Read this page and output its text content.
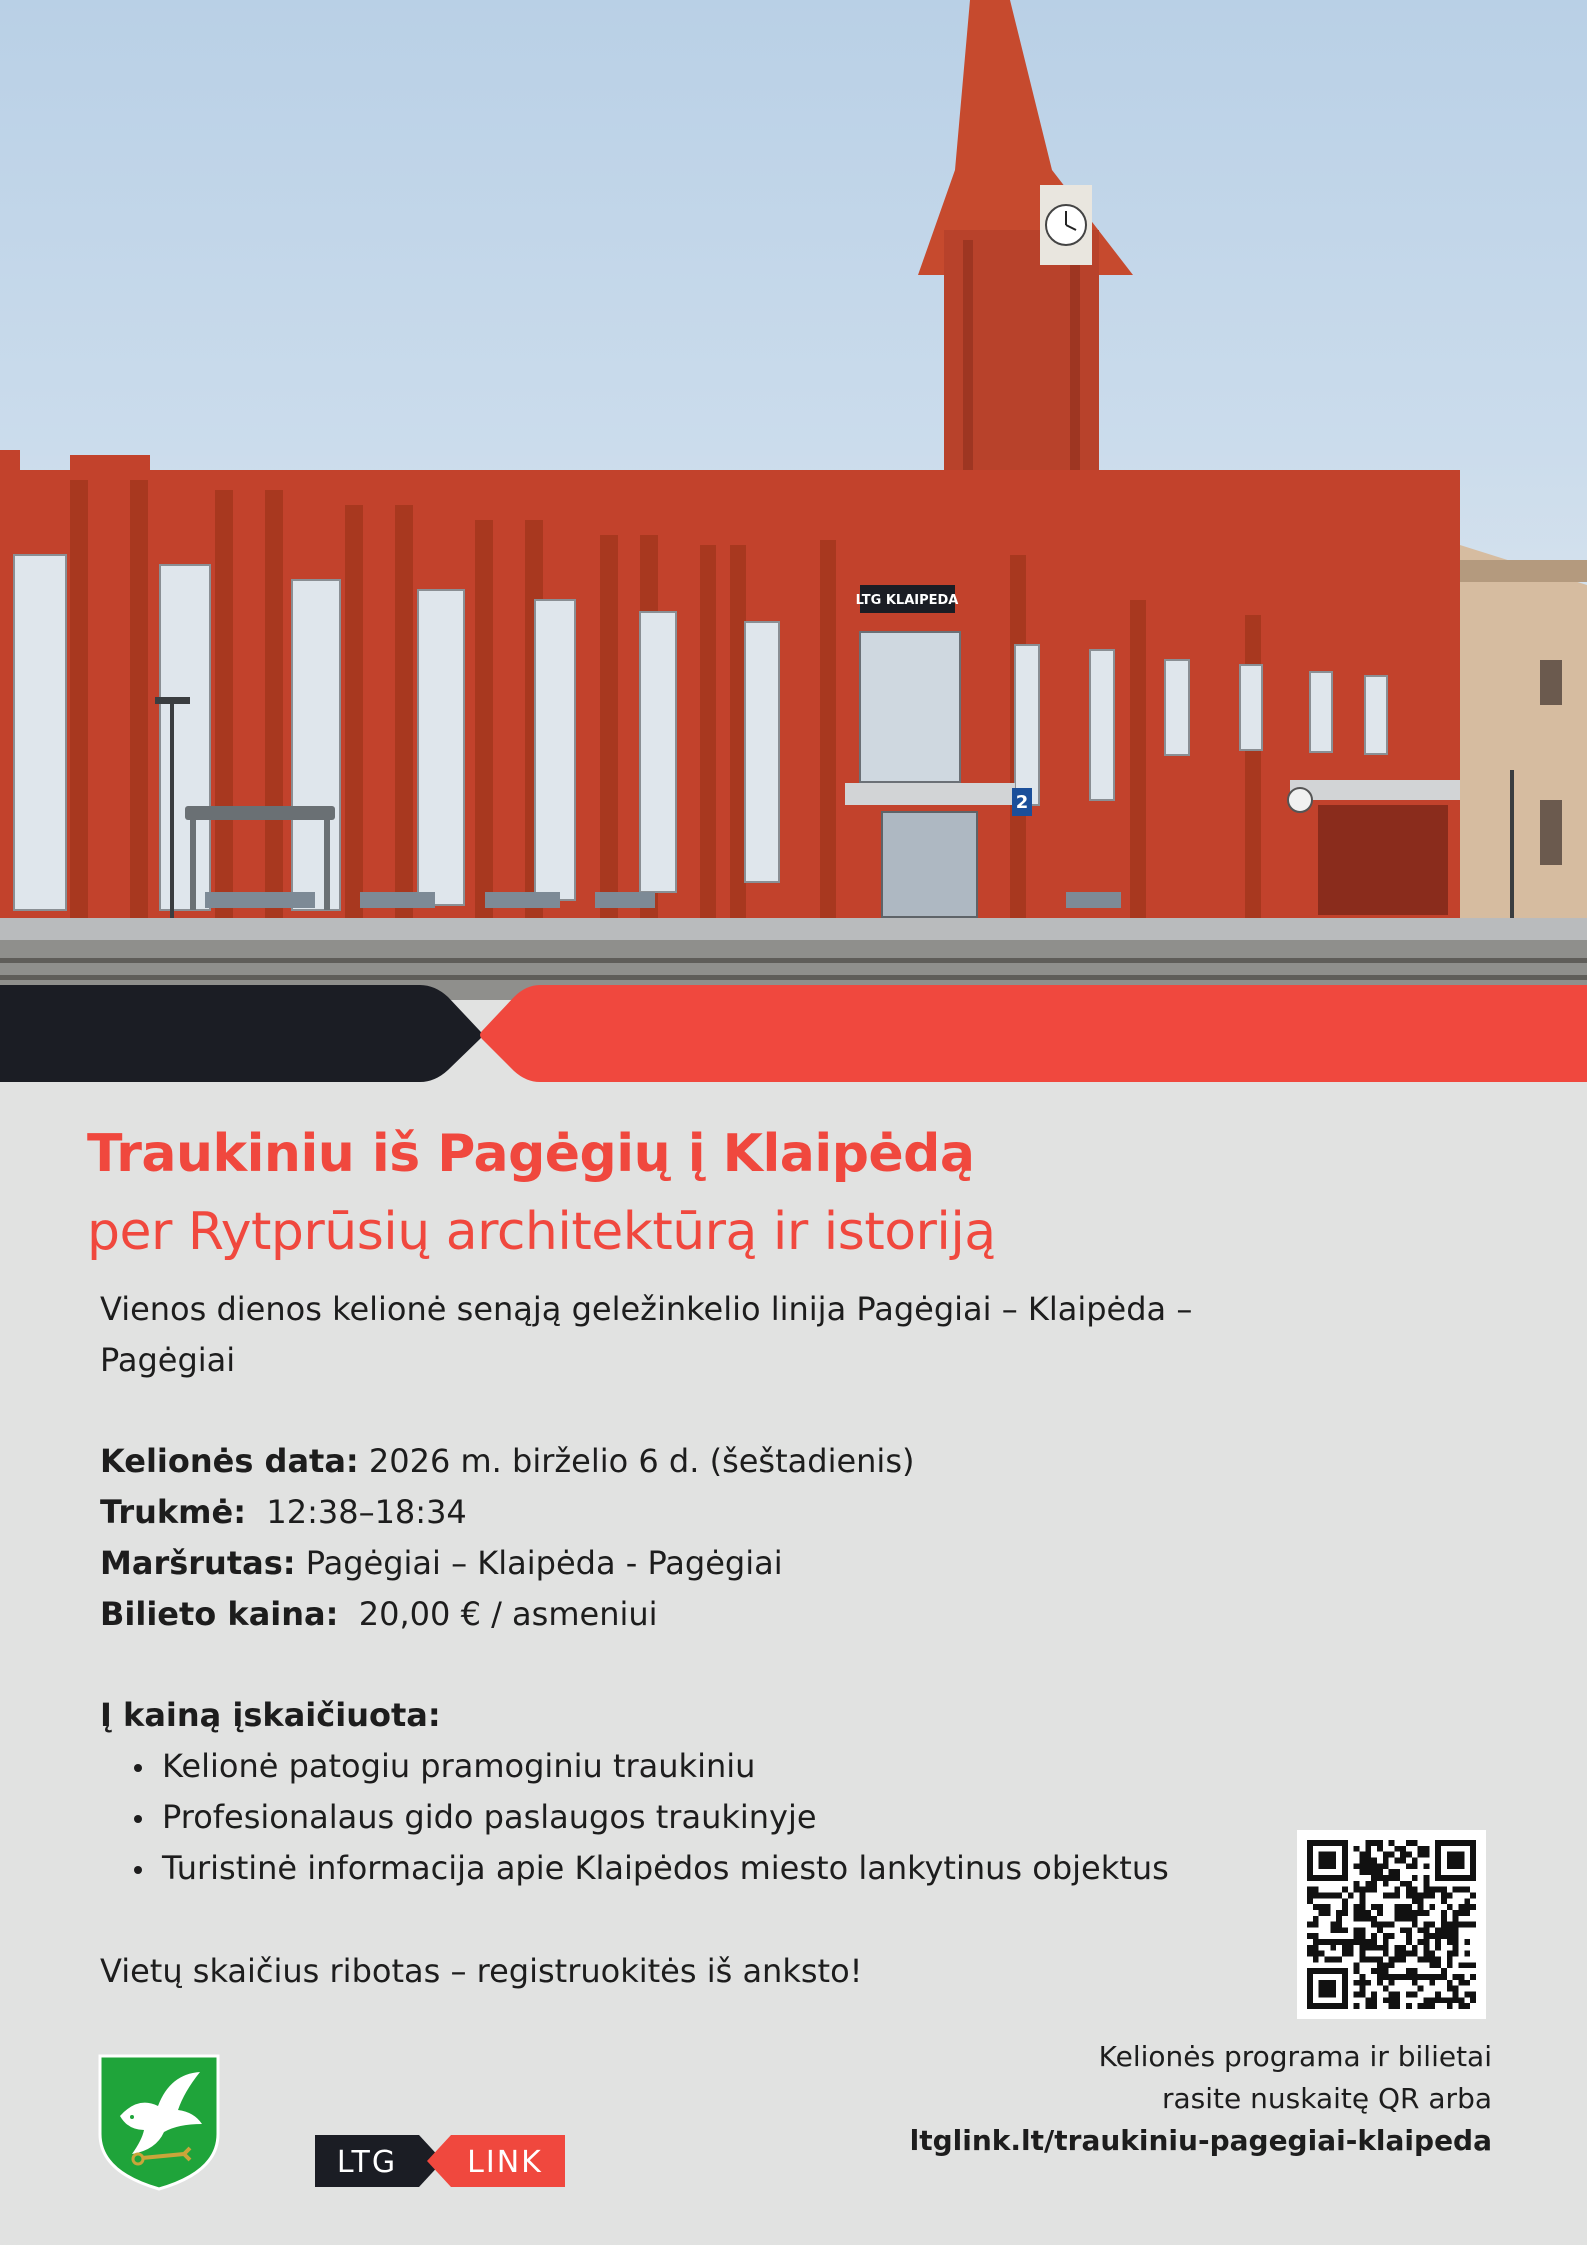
LTG KLAIPEDA
2
Traukiniu iš Pagėgių į Klaipėdą
per Rytprūsių architektūrą ir istoriją

Vienos dienos kelionė senąją geležinkelio linija Pagėgiai – Klaipėda –
Pagėgiai

Kelionės data: 2026 m. birželio 6 d. (šeštadienis)
Trukmė:  12:38–18:34
Maršrutas: Pagėgiai – Klaipėda - Pagėgiai
Bilieto kaina:  20,00 € / asmeniui

Į kainą įskaičiuota:

Kelionė patogiu pramoginiu traukiniu
Profesionalaus gido paslaugos traukinyje
Turistinė informacija apie Klaipėdos miesto lankytinus objektus

Vietų skaičius ribotas – registruokitės iš anksto!

Kelionės programa ir bilietai
rasite nuskaitę QR arba
ltglink.lt/traukiniu-pagegiai-klaipeda
LTG LINK
